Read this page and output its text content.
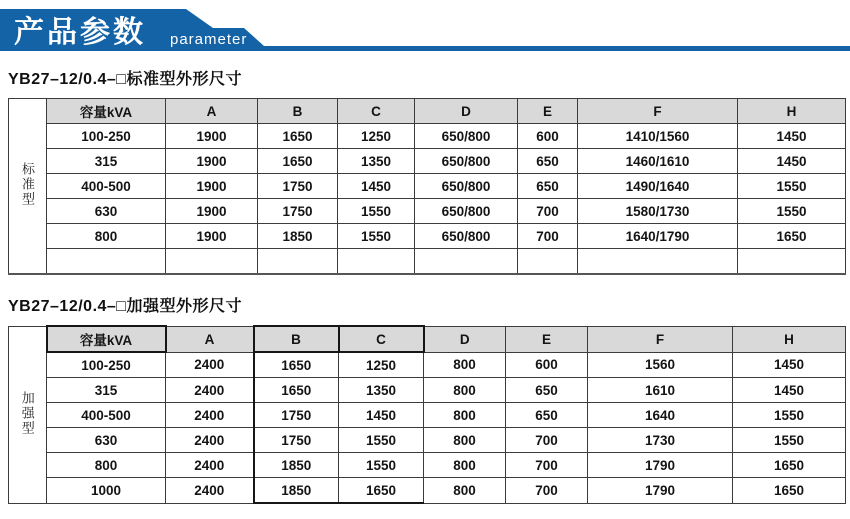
产品参数 parameter
YB27–12/0.4–□标准型外形尺寸
标准型	容量kVA	A	B	C	D	E	F	H
	100-250	1900	1650	1250	650/800	600	1410/1560	1450
	315	1900	1650	1350	650/800	650	1460/1610	1450
	400-500	1900	1750	1450	650/800	650	1490/1640	1550
	630	1900	1750	1550	650/800	700	1580/1730	1550
	800	1900	1850	1550	650/800	700	1640/1790	1650

YB27–12/0.4–□加强型外形尺寸
加强型	容量kVA	A	B	C	D	E	F	H
	100-250	2400	1650	1250	800	600	1560	1450
	315	2400	1650	1350	800	650	1610	1450
	400-500	2400	1750	1450	800	650	1640	1550
	630	2400	1750	1550	800	700	1730	1550
	800	2400	1850	1550	800	700	1790	1650
	1000	2400	1850	1650	800	700	1790	1650
